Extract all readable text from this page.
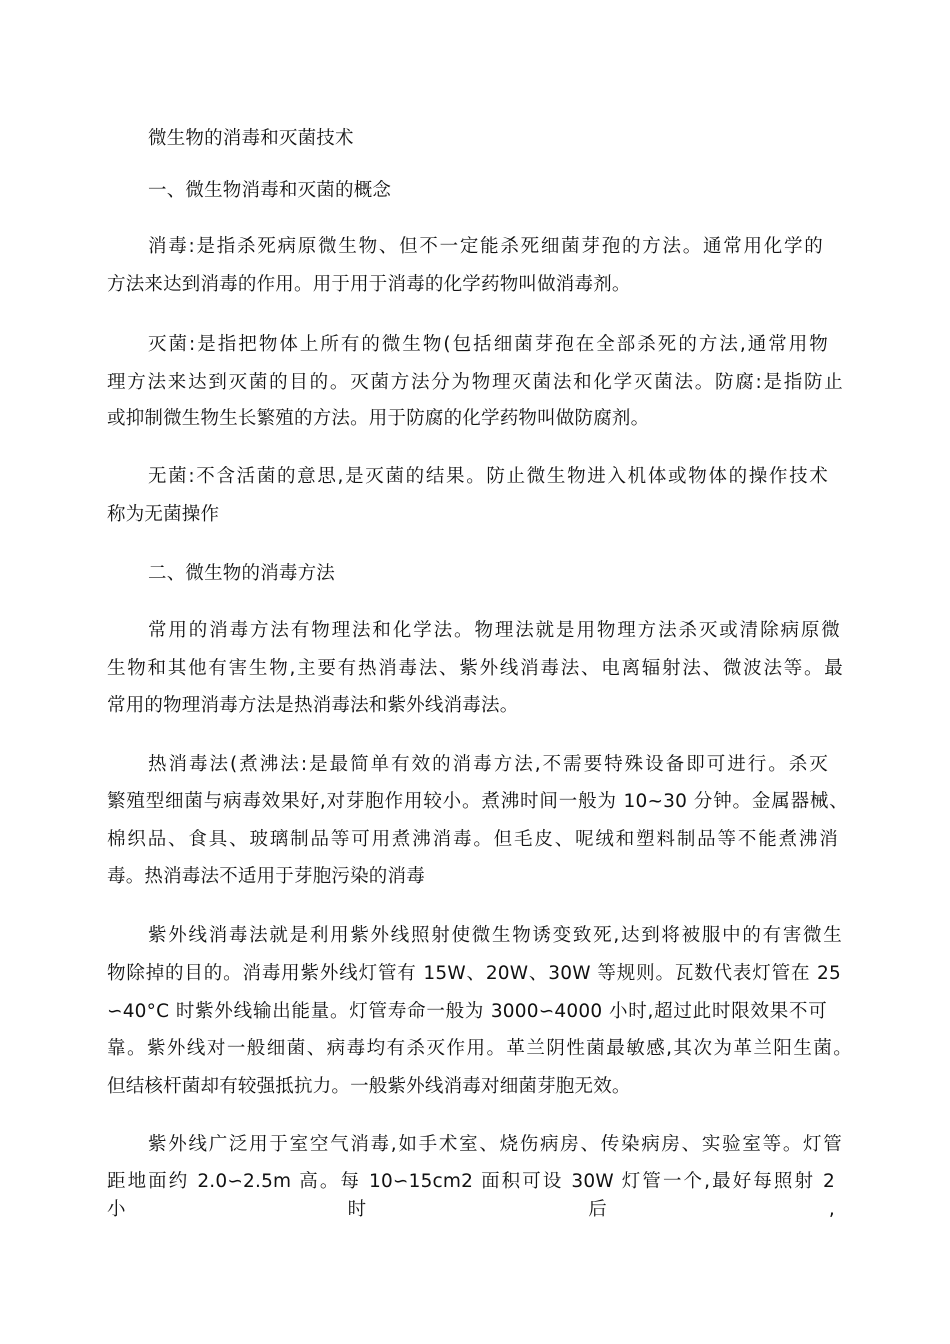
微生物的消毒和灭菌技术
一、微生物消毒和灭菌的概念
消毒:是指杀死病原微生物、但不一定能杀死细菌芽孢的方法。通常用化学的
方法来达到消毒的作用。用于用于消毒的化学药物叫做消毒剂。
灭菌:是指把物体上所有的微生物(包括细菌芽孢在全部杀死的方法,通常用物
理方法来达到灭菌的目的。灭菌方法分为物理灭菌法和化学灭菌法。防腐:是指防止
或抑制微生物生长繁殖的方法。用于防腐的化学药物叫做防腐剂。
无菌:不含活菌的意思,是灭菌的结果。防止微生物进入机体或物体的操作技术
称为无菌操作
二、微生物的消毒方法
常用的消毒方法有物理法和化学法。物理法就是用物理方法杀灭或清除病原微
生物和其他有害生物,主要有热消毒法、紫外线消毒法、电离辐射法、微波法等。最
常用的物理消毒方法是热消毒法和紫外线消毒法。
热消毒法(煮沸法:是最简单有效的消毒方法,不需要特殊设备即可进行。杀灭
繁殖型细菌与病毒效果好,对芽胞作用较小。煮沸时间一般为 10~30 分钟。金属器械、
棉织品、食具、玻璃制品等可用煮沸消毒。但毛皮、呢绒和塑料制品等不能煮沸消
毒。热消毒法不适用于芽胞污染的消毒
紫外线消毒法就是利用紫外线照射使微生物诱变致死,达到将被服中的有害微生
物除掉的目的。消毒用紫外线灯管有 15W、20W、30W 等规则。瓦数代表灯管在 25
∽40°C 时紫外线输出能量。灯管寿命一般为 3000∽4000 小时,超过此时限效果不可
靠。紫外线对一般细菌、病毒均有杀灭作用。革兰阴性菌最敏感,其次为革兰阳生菌。
但结核杆菌却有较强抵抗力。一般紫外线消毒对细菌芽胞无效。
紫外线广泛用于室空气消毒,如手术室、烧伤病房、传染病房、实验室等。灯管
距地面约 2.0∽2.5m 高。每 10∽15cm2 面积可设 30W 灯管一个,最好每照射 2 小时后,
